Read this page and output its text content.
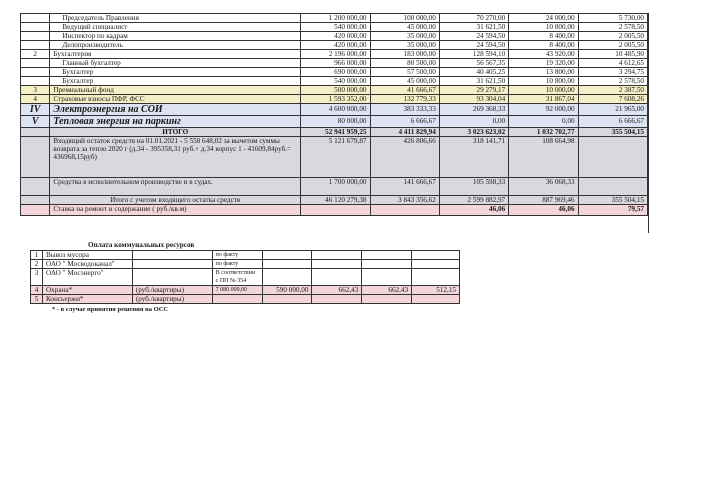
	Председатель Правления	1 200 000,00	100 000,00	70 270,00	24 000,00	5 730,00
	Ведущий специалист	540 000,00	45 000,00	31 621,50	10 800,00	2 578,50
	Инспектор по кадрам	420 000,00	35 000,00	24 594,50	8 400,00	2 005,50
	Делопроизводитель	420 000,00	35 000,00	24 594,50	8 400,00	2 005,50
2	Бухгалтерия	2 196 000,00	183 000,00	128 594,10	43 920,00	10 485,90
	Главный бухгалтер	966 000,00	80 500,00	56 567,35	19 320,00	4 612,65
	Бухгалтер	690 000,00	57 500,00	40 405,25	13 800,00	3 294,75
	Бухгалтер	540 000,00	45 000,00	31 621,50	10 800,00	2 578,50
3	Премиальный фонд	500 000,00	41 666,67	29 279,17	10 000,00	2 387,50
4	Страховые взносы ПФР, ФСС	1 593 352,00	132 779,33	93 304,04	31 867,04	7 608,26
IV	Электроэнергия на СОИ	4 600 000,00	383 333,33	269 368,33	92 000,00	21 965,00
V	Тепловая энергия на паркинг	80 000,00	6 666,67	0,00	0,00	6 666,67
	ИТОГО	52 941 959,25	4 411 829,94	3 023 623,02	1 032 702,77	355 504,15
	Входящий остаток средств на 01.01.2021 - 5 558 648,02 за вычетом суммы возврата за тепло 2020 г (д.34 - 395358,31 руб.+ д.34 корпус 1 - 41609,84руб.= 436968,15руб)	5 121 679,87	426 806,66	318 141,71	108 664,98	
	Средства в исполнительном производстве и в судах.	1 700 000,00	141 666,67	105 598,33	36 068,33	
	Итого с учетом входящего остатка средств	46 120 279,38	3 843 356,62	2 599 882,97	887 969,46	355 504,15
	Ставка на ремонт и содержание ( руб./кв.м)			46,06	46,06	79,57
Оплата коммунальных ресурсов
1	Вывоз мусора		по факту				
2	ОАО " Мосводоканал"		по факту				
3	ОАО " Мосэнерго"		В соответствии с ПП № 354				
4	Охрана*	(руб./квартиры)	7 080 000,00	590 000,00	662,43	662,43	512,15
5	Консьержи*	(руб./квартиры)					
* - в случае принятия решения на ОСС
